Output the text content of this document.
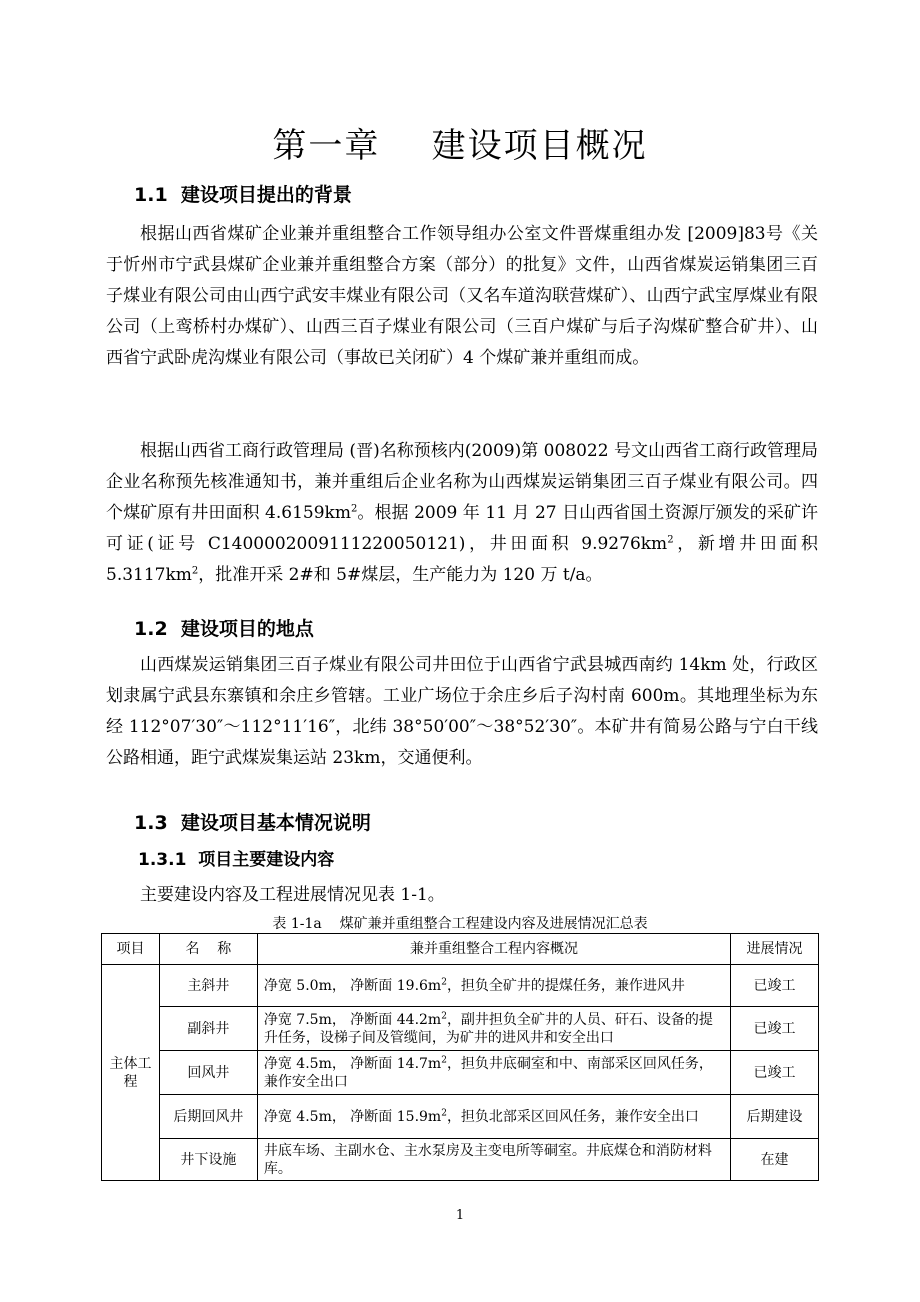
第一章    建设项目概况
1.1  建设项目提出的背景
根据山西省煤矿企业兼并重组整合工作领导组办公室文件晋煤重组办发 [2009]83号《关于忻州市宁武县煤矿企业兼并重组整合方案（部分）的批复》文件，山西省煤炭运销集团三百子煤业有限公司由山西宁武安丰煤业有限公司（又名车道沟联营煤矿）、山西宁武宝厚煤业有限公司（上鸾桥村办煤矿）、山西三百子煤业有限公司（三百户煤矿与后子沟煤矿整合矿井）、山西省宁武卧虎沟煤业有限公司（事故已关闭矿）4 个煤矿兼并重组而成。
根据山西省工商行政管理局 (晋)名称预核内(2009)第 008022 号文山西省工商行政管理局企业名称预先核准通知书，兼并重组后企业名称为山西煤炭运销集团三百子煤业有限公司。四个煤矿原有井田面积 $4.6159km^2$。根据 2009 年 11 月 27 日山西省国土资源厅颁发的采矿许可证(证号 C1400002009111220050121)，井田面积 $9.9276km^2$，新增井田面积 $5.3117km^2$，批准开采 2#和 5#煤层，生产能力为 120 万 t/a。
1.2  建设项目的地点
山西煤炭运销集团三百子煤业有限公司井田位于山西省宁武县城西南约 14km 处，行政区划隶属宁武县东寨镇和余庄乡管辖。工业广场位于余庄乡后子沟村南 600m。其地理坐标为东经 112°07′30″～112°11′16″，北纬 38°50′00″～38°52′30″。本矿井有简易公路与宁白干线公路相通，距宁武煤炭集运站 23km，交通便利。
1.3  建设项目基本情况说明
1.3.1  项目主要建设内容
主要建设内容及工程进展情况见表 1-1。
表 1-1a    煤矿兼并重组整合工程建设内容及进展情况汇总表
项目	名    称	兼并重组整合工程内容概况	进展情况
主体工程	主斜井	净宽 5.0m， 净断面 $19.6m^2$，担负全矿井的提煤任务，兼作进风井	已竣工
	副斜井	净宽 7.5m， 净断面 $44.2m^2$，副井担负全矿井的人员、矸石、设备的提升任务，设梯子间及管缆间，为矿井的进风井和安全出口	已竣工
	回风井	净宽 4.5m， 净断面 $14.7m^2$，担负井底硐室和中、南部采区回风任务，兼作安全出口	已竣工
	后期回风井	净宽 4.5m， 净断面 $15.9m^2$，担负北部采区回风任务，兼作安全出口	后期建设
	井下设施	井底车场、主副水仓、主水泵房及主变电所等硐室。井底煤仓和消防材料库。	在建
1
